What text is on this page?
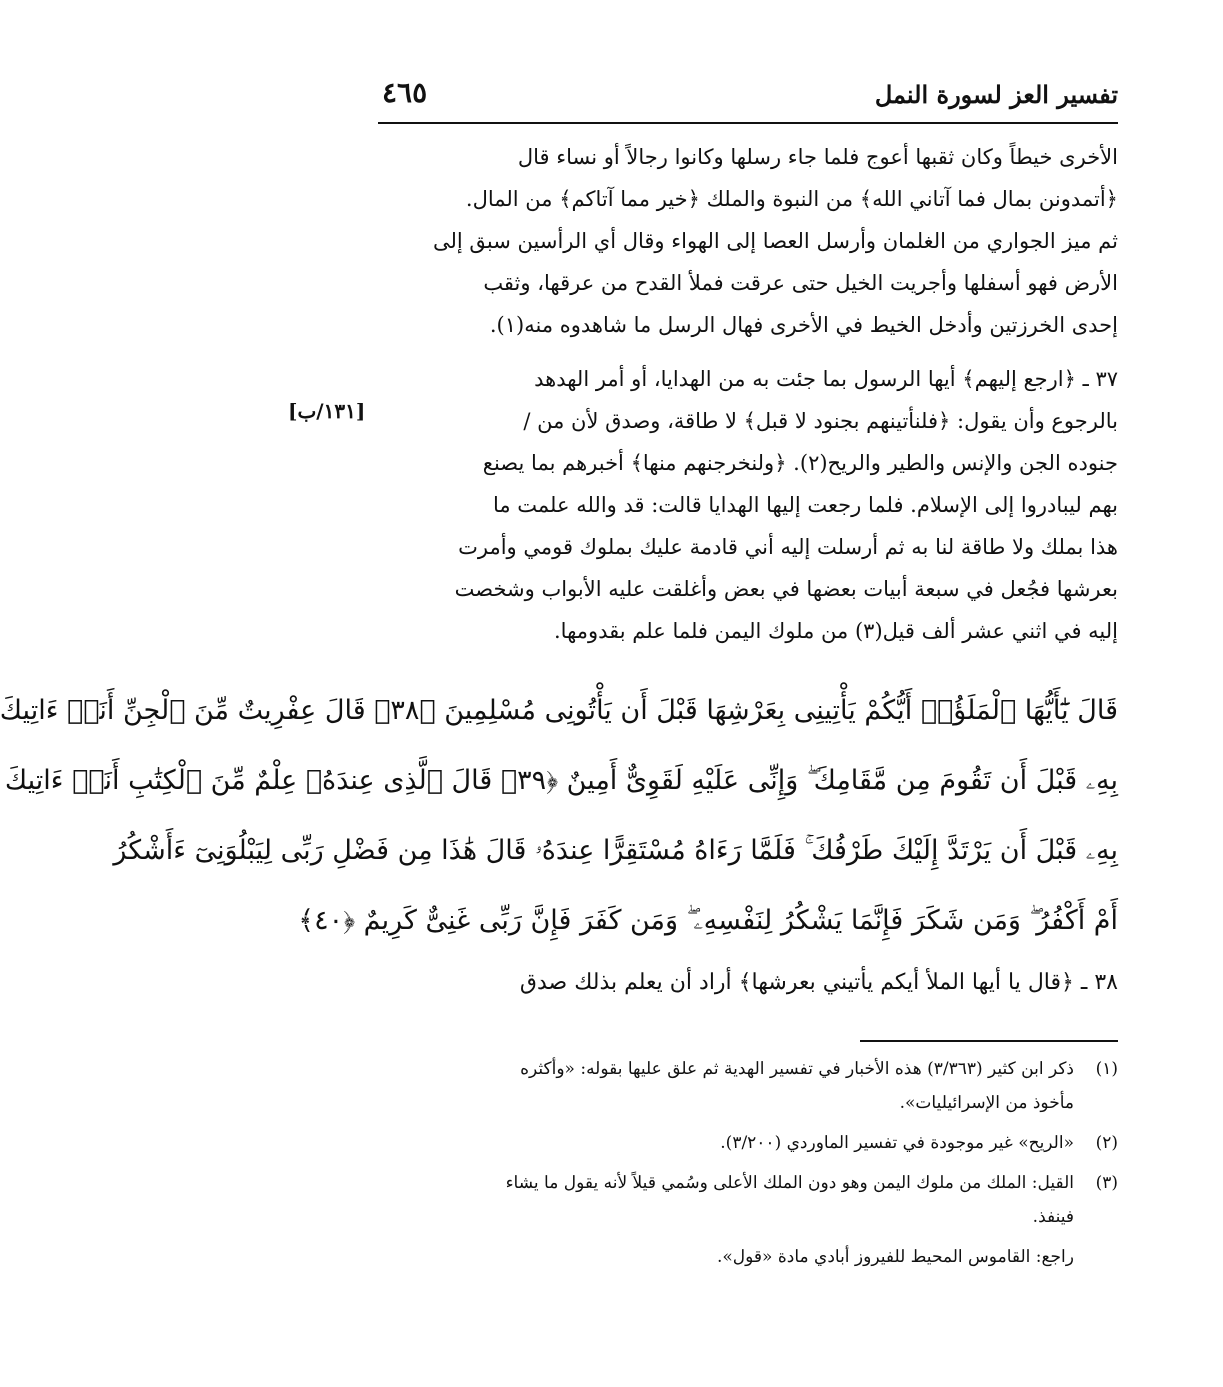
٤٦٥	تفسير العز لسورة النمل
الأخرى خيطاً وكان ثقبها أعوج فلما جاء رسلها وكانوا رجالاً أو نساء قال
﴿أتمدونن بمال فما آتاني الله﴾ من النبوة والملك ﴿خير مما آتاكم﴾ من المال.
ثم ميز الجواري من الغلمان وأرسل العصا إلى الهواء وقال أي الرأسين سبق إلى
الأرض فهو أسفلها وأجريت الخيل حتى عرقت فملأ القدح من عرقها، وثقب
إحدى الخرزتين وأدخل الخيط في الأخرى فهال الرسل ما شاهدوه منه(١).
٣٧ ـ ﴿ارجع إليهم﴾ أيها الرسول بما جئت به من الهدايا، أو أمر الهدهد
بالرجوع وأن يقول: ﴿فلنأتينهم بجنود لا قبل﴾ لا طاقة، وصدق لأن من /
جنوده الجن والإنس والطير والريح(٢). ﴿ولنخرجنهم منها﴾ أخبرهم بما يصنع
بهم ليبادروا إلى الإسلام. فلما رجعت إليها الهدايا قالت: قد والله علمت ما
هذا بملك ولا طاقة لنا به ثم أرسلت إليه أني قادمة عليك بملوك قومي وأمرت
بعرشها فجُعل في سبعة أبيات بعضها في بعض وأغلقت عليه الأبواب وشخصت
إليه في اثني عشر ألف قيل(٣) من ملوك اليمن فلما علم بقدومها.
[١٣١/ب]
قَالَ يَٰٓأَيُّهَا ٱلْمَلَؤُا۟ أَيُّكُمْ يَأْتِينِى بِعَرْشِهَا قَبْلَ أَن يَأْتُونِى مُسْلِمِينَ ﴿٣٨﴾ قَالَ عِفْرِيتٌ مِّنَ ٱلْجِنِّ أَنَا۠ ءَاتِيكَ
بِهِۦ قَبْلَ أَن تَقُومَ مِن مَّقَامِكَ ۖ وَإِنِّى عَلَيْهِ لَقَوِىٌّ أَمِينٌ ﴿٣٩﴾ قَالَ ٱلَّذِى عِندَهُۥ عِلْمٌ مِّنَ ٱلْكِتَٰبِ أَنَا۠ ءَاتِيكَ
بِهِۦ قَبْلَ أَن يَرْتَدَّ إِلَيْكَ طَرْفُكَ ۚ فَلَمَّا رَءَاهُ مُسْتَقِرًّا عِندَهُۥ قَالَ هَٰذَا مِن فَضْلِ رَبِّى لِيَبْلُوَنِىٓ ءَأَشْكُرُ
أَمْ أَكْفُرُ ۖ وَمَن شَكَرَ فَإِنَّمَا يَشْكُرُ لِنَفْسِهِۦ ۖ وَمَن كَفَرَ فَإِنَّ رَبِّى غَنِىٌّ كَرِيمٌ ﴿٤٠﴾
٣٨ ـ ﴿قال يا أيها الملأ أيكم يأتيني بعرشها﴾ أراد أن يعلم بذلك صدق
(١)
ذكر ابن كثير (٣/٣٦٣) هذه الأخبار في تفسير الهدية ثم علق عليها بقوله: «وأكثره
مأخوذ من الإسرائيليات».
(٢)
«الريح» غير موجودة في تفسير الماوردي (٣/٢٠٠).
(٣)
القيل: الملك من ملوك اليمن وهو دون الملك الأعلى وسُمي قيلاً لأنه يقول ما يشاء
فينفذ.
راجع: القاموس المحيط للفيروز أبادي مادة «قول».
